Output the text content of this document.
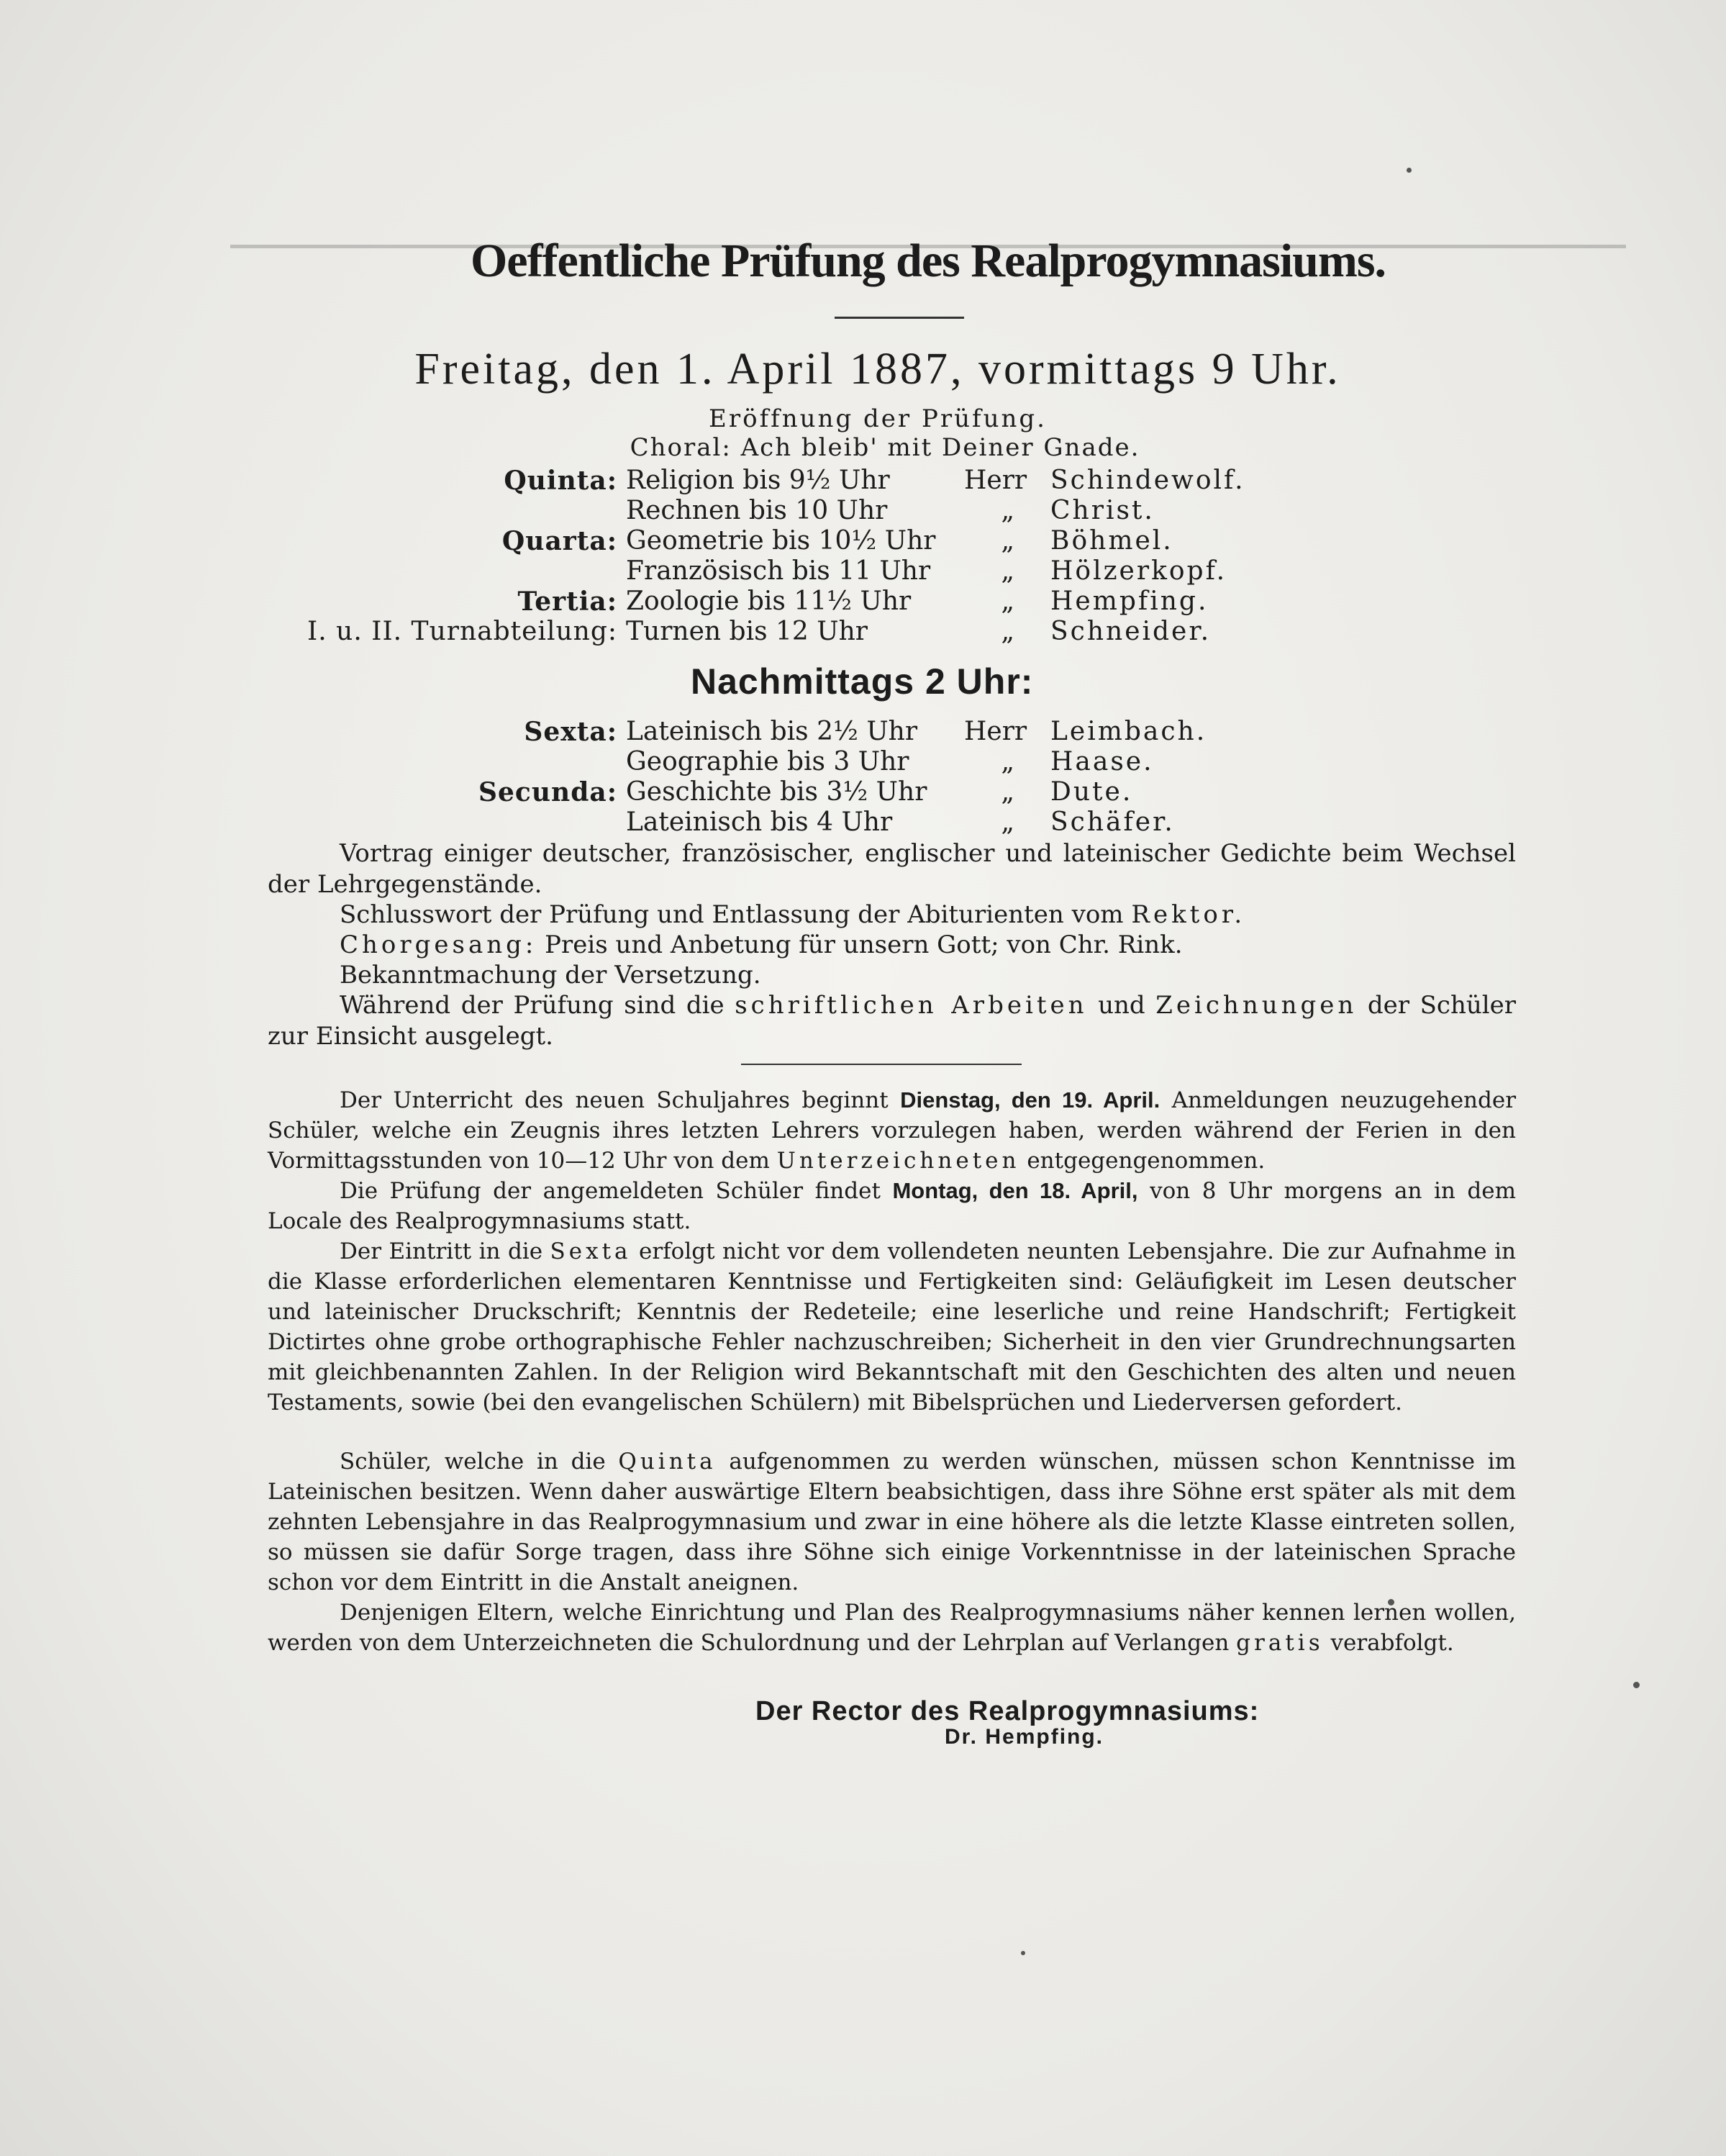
Oeffentliche Prüfung des Realprogymnasiums.
Freitag, den 1. April 1887, vormittags 9 Uhr.
Eröffnung der Prüfung.
Choral: Ach bleib' mit Deiner Gnade.
Quinta: Religion bis 9½ Uhr	Herr Schindewolf.
Rechnen bis 10 Uhr	„ Christ.
Quarta: Geometrie bis 10½ Uhr	„ Böhmel.
Französisch bis 11 Uhr	„ Hölzerkopf.
Tertia: Zoologie bis 11½ Uhr	„ Hempfing.
I. u. II. Turnabteilung: Turnen bis 12 Uhr	„ Schneider.
Nachmittags 2 Uhr:
Sexta: Lateinisch bis 2½ Uhr Herr Leimbach.
Geographie bis 3 Uhr	„ Haase.
Secunda: Geschichte bis 3½ Uhr	„ Dute.
Lateinisch bis 4 Uhr	„ Schäfer.
Vortrag einiger deutscher, französischer, englischer und lateinischer Gedichte beim Wechsel der Lehrgegenstände.
Schlusswort der Prüfung und Entlassung der Abiturienten vom Rektor.
Chorgesang: Preis und Anbetung für unsern Gott; von Chr. Rink.
Bekanntmachung der Versetzung.
Während der Prüfung sind die schriftlichen Arbeiten und Zeichnungen der Schüler zur Einsicht ausgelegt.
Der Unterricht des neuen Schuljahres beginnt Dienstag, den 19. April. Anmeldungen neuzugehender Schüler, welche ein Zeugnis ihres letzten Lehrers vorzulegen haben, werden während der Ferien in den Vormittagsstunden von 10—12 Uhr von dem Unterzeichneten entgegengenommen.
Die Prüfung der angemeldeten Schüler findet Montag, den 18. April, von 8 Uhr morgens an in dem Locale des Realprogymnasiums statt.
Der Eintritt in die Sexta erfolgt nicht vor dem vollendeten neunten Lebensjahre. Die zur Aufnahme in die Klasse erforderlichen elementaren Kenntnisse und Fertigkeiten sind: Geläufigkeit im Lesen deutscher und lateinischer Druckschrift; Kenntnis der Redeteile; eine leserliche und reine Handschrift; Fertigkeit Dictirtes ohne grobe orthographische Fehler nachzuschreiben; Sicherheit in den vier Grundrechnungsarten mit gleichbenannten Zahlen. In der Religion wird Bekanntschaft mit den Geschichten des alten und neuen Testaments, sowie (bei den evangelischen Schülern) mit Bibelsprüchen und Liederversen gefordert.
Schüler, welche in die Quinta aufgenommen zu werden wünschen, müssen schon Kenntnisse im Lateinischen besitzen. Wenn daher auswärtige Eltern beabsichtigen, dass ihre Söhne erst später als mit dem zehnten Lebensjahre in das Realprogymnasium und zwar in eine höhere als die letzte Klasse eintreten sollen, so müssen sie dafür Sorge tragen, dass ihre Söhne sich einige Vorkenntnisse in der lateinischen Sprache schon vor dem Eintritt in die Anstalt aneignen.
Denjenigen Eltern, welche Einrichtung und Plan des Realprogymnasiums näher kennen lernen wollen, werden von dem Unterzeichneten die Schulordnung und der Lehrplan auf Verlangen gratis verabfolgt.
Der Rector des Realprogymnasiums:
Dr. Hempfing.
